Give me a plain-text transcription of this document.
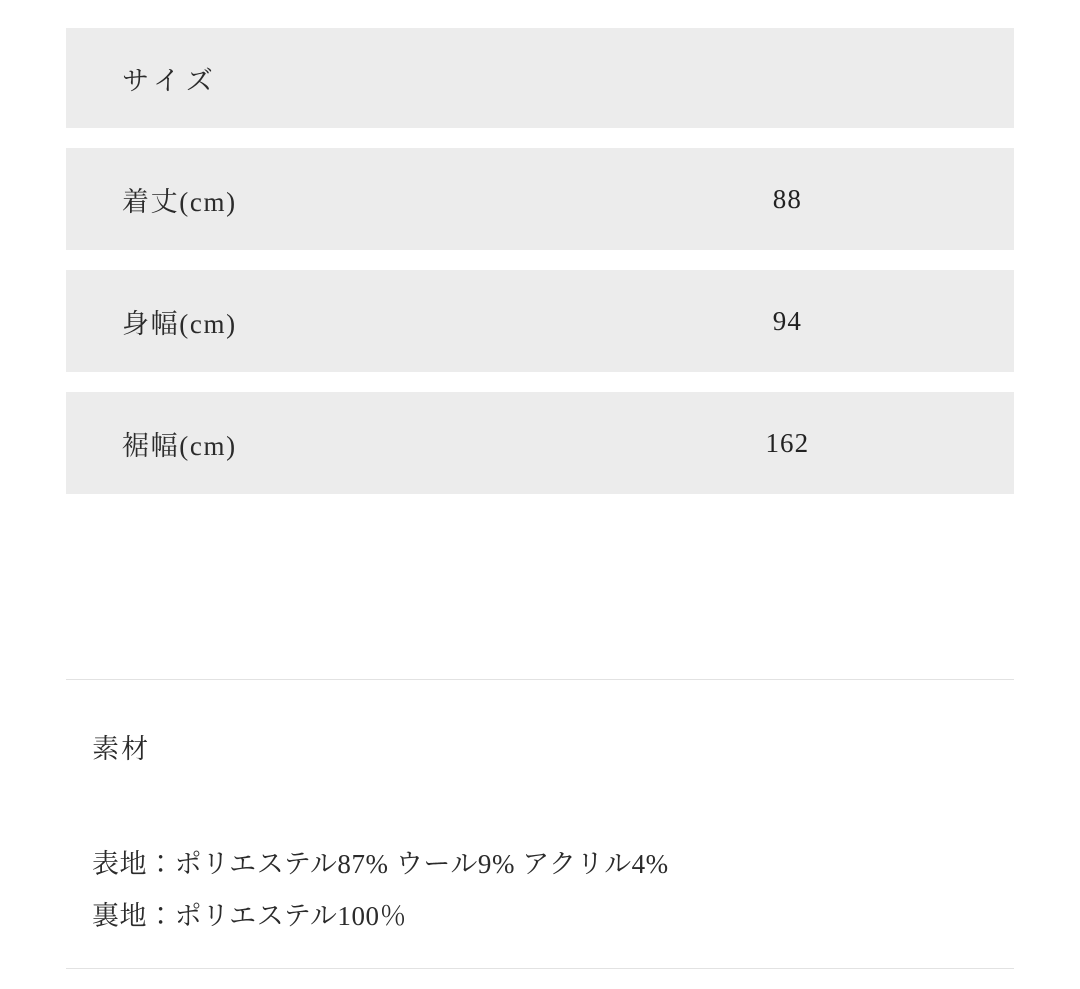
サイズ
着丈(cm)	88
身幅(cm)	94
裾幅(cm)	162
素材
表地：ポリエステル87% ウール9% アクリル4%
裏地：ポリエステル100％
